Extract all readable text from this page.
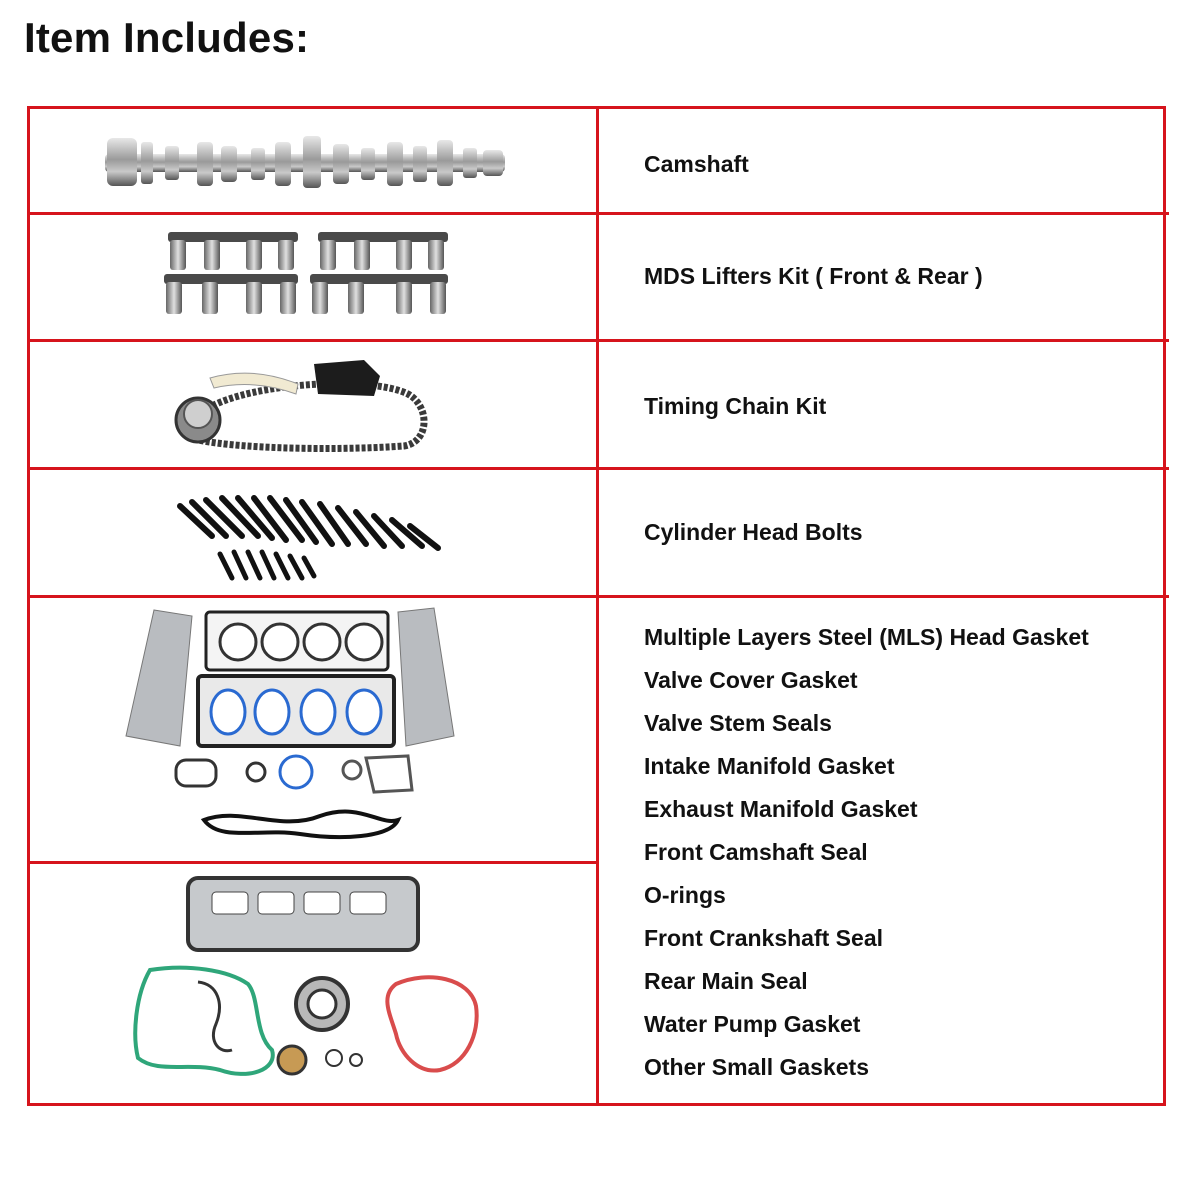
Item Includes:
Camshaft
MDS Lifters Kit ( Front & Rear )
Timing Chain Kit
Cylinder Head Bolts
Multiple Layers Steel (MLS) Head Gasket
Valve Cover Gasket
Valve Stem Seals
Intake Manifold Gasket
Exhaust Manifold Gasket
Front Camshaft Seal
O-rings
Front Crankshaft Seal
Rear Main Seal
Water Pump Gasket
Other Small Gaskets
